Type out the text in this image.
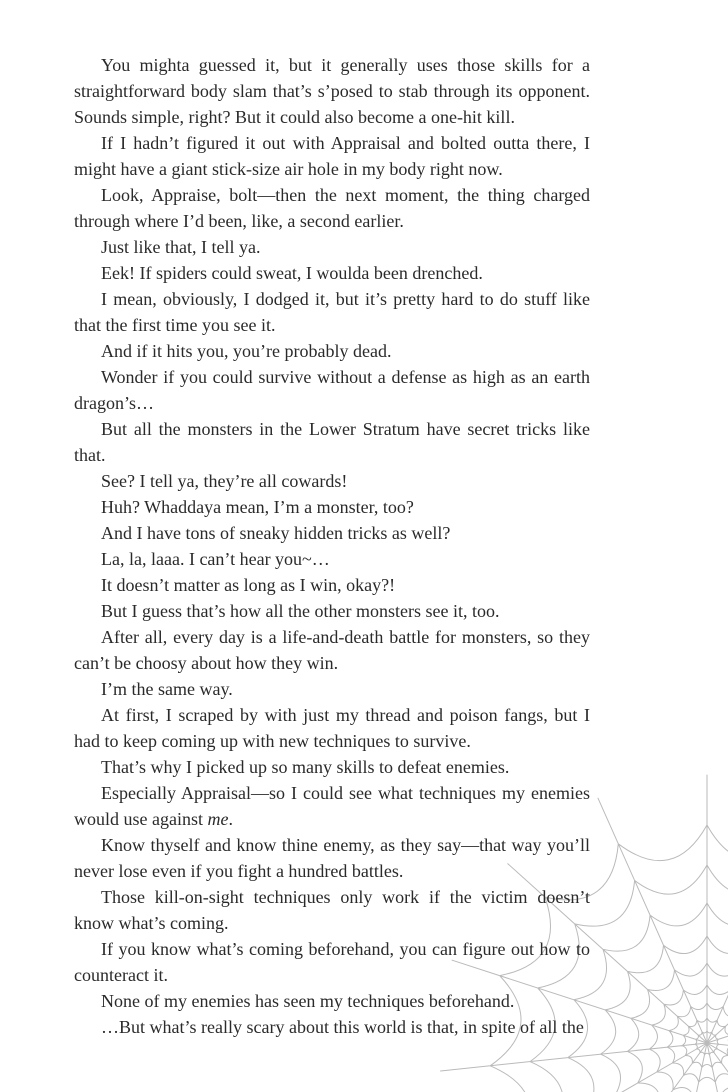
You mighta guessed it, but it generally uses those skills for a straightforward body slam that’s s’posed to stab through its opponent. Sounds simple, right? But it could also become a one-hit kill.

If I hadn’t figured it out with Appraisal and bolted outta there, I might have a giant stick-size air hole in my body right now.

Look, Appraise, bolt—then the next moment, the thing charged through where I’d been, like, a second earlier.

Just like that, I tell ya.

Eek! If spiders could sweat, I woulda been drenched.

I mean, obviously, I dodged it, but it’s pretty hard to do stuff like that the first time you see it.

And if it hits you, you’re probably dead.

Wonder if you could survive without a defense as high as an earth dragon’s…

But all the monsters in the Lower Stratum have secret tricks like that.

See? I tell ya, they’re all cowards!

Huh? Whaddaya mean, I’m a monster, too?

And I have tons of sneaky hidden tricks as well?

La, la, laaa. I can’t hear you~…

It doesn’t matter as long as I win, okay?!

But I guess that’s how all the other monsters see it, too.

After all, every day is a life-and-death battle for monsters, so they can’t be choosy about how they win.

I’m the same way.

At first, I scraped by with just my thread and poison fangs, but I had to keep coming up with new techniques to survive.

That’s why I picked up so many skills to defeat enemies.

Especially Appraisal—so I could see what techniques my enemies would use against me.

Know thyself and know thine enemy, as they say—that way you’ll never lose even if you fight a hundred battles.

Those kill-on-sight techniques only work if the victim doesn’t know what’s coming.

If you know what’s coming beforehand, you can figure out how to counteract it.

None of my enemies has seen my techniques beforehand.

…But what’s really scary about this world is that, in spite of all the
